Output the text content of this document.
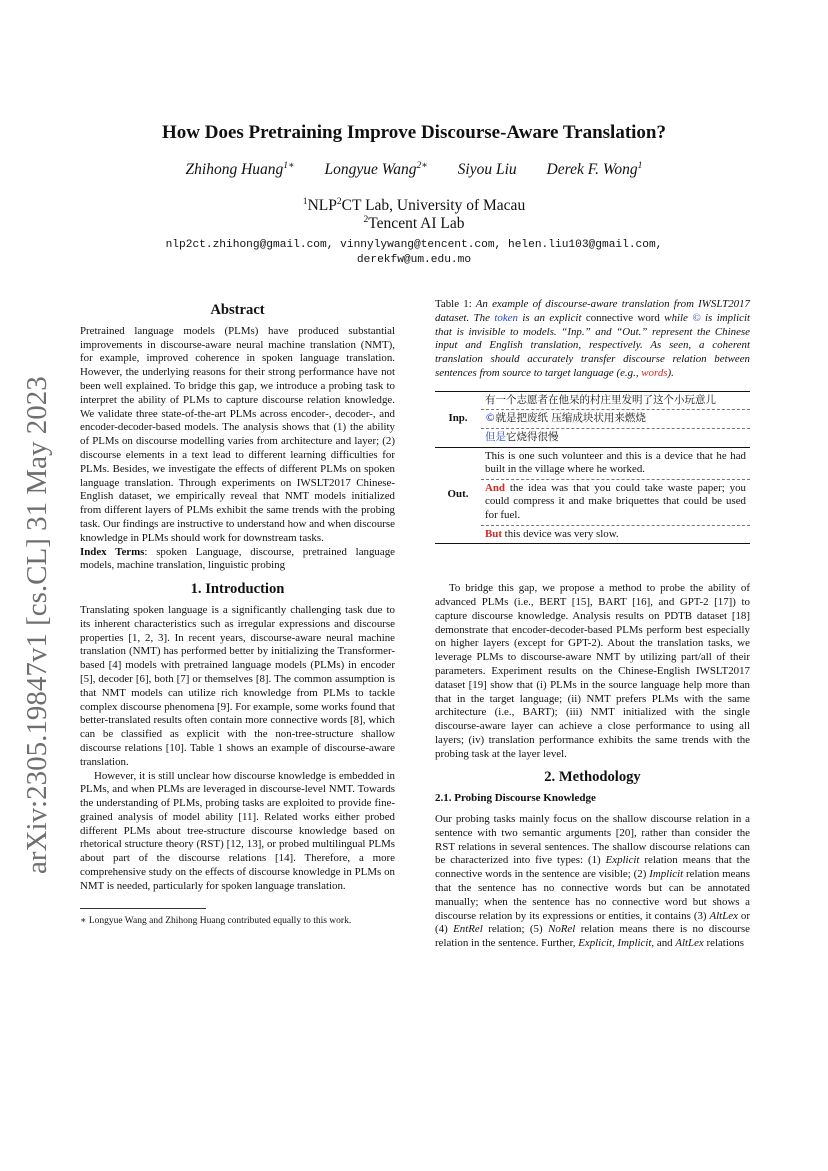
arXiv:2305.19847v1 [cs.CL] 31 May 2023
How Does Pretraining Improve Discourse-Aware Translation?
Zhihong Huang$^{1∗}$ Longyue Wang$^{2∗}$ Siyou Liu Derek F. Wong$^1$
$^1$NLP$^2$CT Lab, University of Macau
$^2$Tencent AI Lab
nlp2ct.zhihong@gmail.com, vinnylywang@tencent.com, helen.liu103@gmail.com,
derekfw@um.edu.mo
Abstract

Pretrained language models (PLMs) have produced substantial improvements in discourse-aware neural machine translation (NMT), for example, improved coherence in spoken language translation. However, the underlying reasons for their strong performance have not been well explained. To bridge this gap, we introduce a probing task to interpret the ability of PLMs to capture discourse relation knowledge. We validate three state-of-the-art PLMs across encoder-, decoder-, and encoder-decoder-based models. The analysis shows that (1) the ability of PLMs on discourse modelling varies from architecture and layer; (2) discourse elements in a text lead to different learning difficulties for PLMs. Besides, we investigate the effects of different PLMs on spoken language translation. Through experiments on IWSLT2017 Chinese-English dataset, we empirically reveal that NMT models initialized from different layers of PLMs exhibit the same trends with the probing task. Our findings are instructive to understand how and when discourse knowledge in PLMs should work for downstream tasks.

Index Terms: spoken Language, discourse, pretrained language models, machine translation, linguistic probing

1. Introduction

Translating spoken language is a significantly challenging task due to its inherent characteristics such as irregular expressions and discourse properties [1, 2, 3]. In recent years, discourse-aware neural machine translation (NMT) has performed better by initializing the Transformer-based [4] models with pretrained language models (PLMs) in encoder [5], decoder [6], both [7] or themselves [8]. The common assumption is that NMT models can utilize rich knowledge from PLMs to tackle complex discourse phenomena [9]. For example, some works found that better-translated results often contain more connective words [8], which can be classified as explicit with the non-tree-structure shallow discourse relations [10]. Table 1 shows an example of discourse-aware translation.

However, it is still unclear how discourse knowledge is embedded in PLMs, and when PLMs are leveraged in discourse-level NMT. Towards the understanding of PLMs, probing tasks are exploited to provide fine-grained analysis of model ability [11]. Related works either probed different PLMs about tree-structure discourse knowledge based on rhetorical structure theory (RST) [12, 13], or probed multilingual PLMs about part of the discourse relations [14]. Therefore, a more comprehensive study on the effects of discourse knowledge in PLMs on NMT is needed, particularly for spoken language translation.

∗ Longyue Wang and Zhihong Huang contributed equally to this work.

Table 1: An example of discourse-aware translation from IWSLT2017 dataset. The token is an explicit connective word while © is implicit that is invisible to models. “Inp.” and “Out.” represent the Chinese input and English translation, respectively. As seen, a coherent translation should accurately transfer discourse relation between sentences from source to target language (e.g., words).

Inp.
有一个志愿者在他呆的村庄里发明了这个小玩意儿
©就是把废纸 压缩成块状用来燃烧
但是它烧得很慢
Out.
This is one such volunteer and this is a device that he had built in the village where he worked.
And the idea was that you could take waste paper; you could compress it and make briquettes that could be used for fuel.
But this device was very slow.

To bridge this gap, we propose a method to probe the ability of advanced PLMs (i.e., BERT [15], BART [16], and GPT-2 [17]) to capture discourse knowledge. Analysis results on PDTB dataset [18] demonstrate that encoder-decoder-based PLMs perform best especially on higher layers (except for GPT-2). About the translation tasks, we leverage PLMs to discourse-aware NMT by utilizing part/all of their parameters. Experiment results on the Chinese-English IWSLT2017 dataset [19] show that (i) PLMs in the source language help more than that in the target language; (ii) NMT prefers PLMs with the same architecture (i.e., BART); (iii) NMT initialized with the single discourse-aware layer can achieve a close performance to using all layers; (iv) translation performance exhibits the same trends with the probing task at the layer level.

2. Methodology
2.1. Probing Discourse Knowledge

Our probing tasks mainly focus on the shallow discourse relation in a sentence with two semantic arguments [20], rather than consider the RST relations in several sentences. The shallow discourse relations can be characterized into five types: (1) Explicit relation means that the connective words in the sentence are visible; (2) Implicit relation means that the sentence has no connective words but can be annotated manually; when the sentence has no connective word but shows a discourse relation by its expressions or entities, it contains (3) AltLex or (4) EntRel relation; (5) NoRel relation means there is no discourse relation in the sentence. Further, Explicit, Implicit, and AltLex relations
